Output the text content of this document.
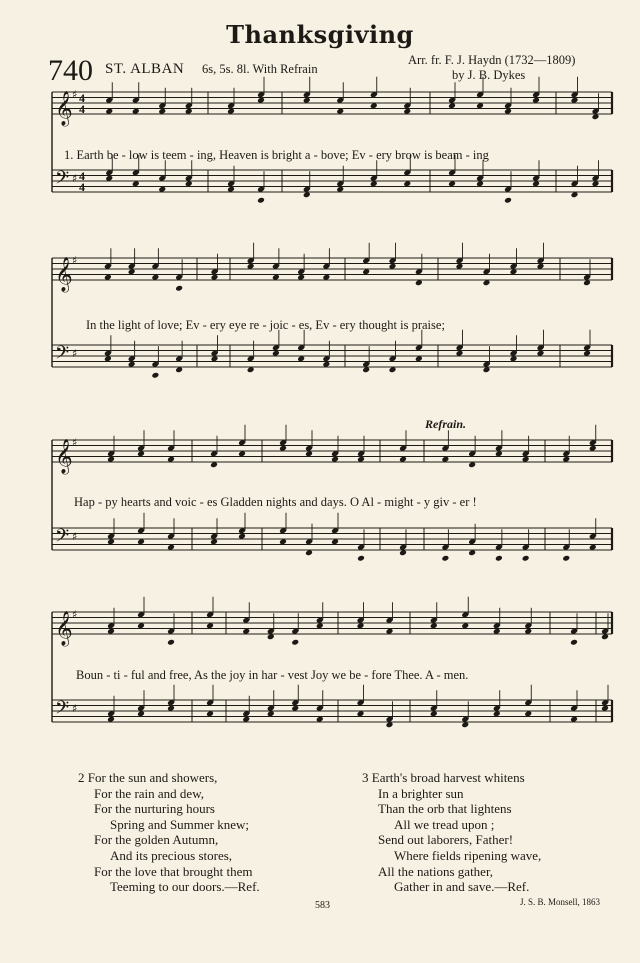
Thanksgiving
740 ST. ALBAN 6s, 5s. 8l. With Refrain
Arr. fr. F. J. Haydn (1732—1809)
by J. B. Dykes
𝄞
𝄢
♯
♯
𝄞
𝄢
♯
♯
𝄞
𝄢
♯
♯
𝄞
𝄢
♯
♯
4
4
4
4
Refrain.
1. Earth be - low is teem - ing, Heaven is bright a - bove; Ev - ery brow is beam - ing
In the light of love; Ev - ery eye re - joic - es, Ev - ery thought is praise;
Hap - py hearts and voic - es Gladden nights and days. O Al - might - y giv - er !
Boun - ti - ful and free, As the joy in har - vest Joy we be - fore Thee. A - men.
2 For the sun and showers,
For the rain and dew,
For the nurturing hours
Spring and Summer knew;
For the golden Autumn,
And its precious stores,
For the love that brought them
Teeming to our doors.—Ref.
3 Earth's broad harvest whitens
In a brighter sun
Than the orb that lightens
All we tread upon ;
Send out laborers, Father!
Where fields ripening wave,
All the nations gather,
Gather in and save.—Ref.
583	J. S. B. Monsell, 1863
